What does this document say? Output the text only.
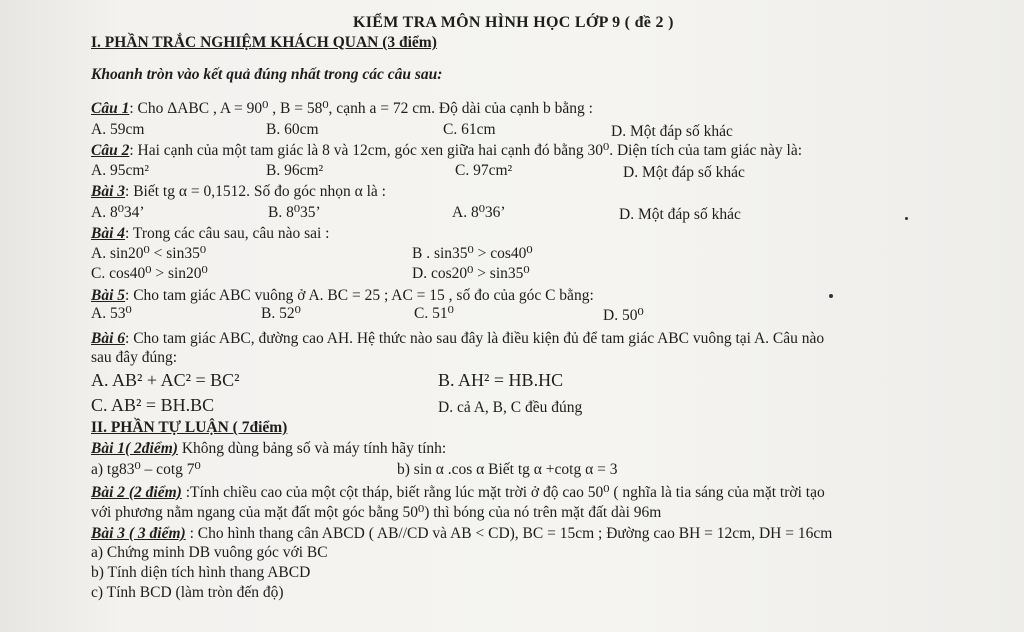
KIỂM TRA MÔN HÌNH HỌC LỚP 9 ( đề 2 )
I. PHẦN TRẮC NGHIỆM KHÁCH QUAN (3 điểm)
Khoanh tròn vào kết quả đúng nhất trong các câu sau:
Câu 1: Cho ΔABC , A = 90⁰ , B = 58⁰, cạnh a = 72 cm. Độ dài của cạnh b bằng :
A. 59cm	B. 60cm	C. 61cm	D. Một đáp số khác
Câu 2: Hai cạnh của một tam giác là 8 và 12cm, góc xen giữa hai cạnh đó bằng 30⁰. Diện tích của tam giác này là:
A. 95cm²	B. 96cm²	C. 97cm²	D. Một đáp số khác
Bài 3: Biết tg α = 0,1512. Số đo góc nhọn α là :
A. 8⁰34’	B. 8⁰35’	A. 8⁰36’	D. Một đáp số khác
Bài 4: Trong các câu sau, câu nào sai :
A. sin20⁰ < sin35⁰	B . sin35⁰ > cos40⁰
C. cos40⁰ > sin20⁰	D. cos20⁰ > sin35⁰
Bài 5: Cho tam giác ABC vuông ở A. BC = 25 ; AC = 15 , số đo của góc C bằng:
A. 53⁰	B. 52⁰	C. 51⁰	D. 50⁰
Bài 6: Cho tam giác ABC, đường cao AH. Hệ thức nào sau đây là điều kiện đủ để tam giác ABC vuông tại A. Câu nào
sau đây đúng:
A. AB² + AC² = BC²	B. AH² = HB.HC
C. AB² = BH.BC	D. cả A, B, C đều đúng
II. PHẦN TỰ LUẬN ( 7điểm)
Bài 1( 2điểm) Không dùng bảng số và máy tính hãy tính:
a) tg83⁰ – cotg 7⁰	b) sin α .cos α Biết tg α +cotg α = 3
Bài 2 (2 điểm) :Tính chiều cao của một cột tháp, biết rằng lúc mặt trời ở độ cao 50⁰ ( nghĩa là tia sáng của mặt trời tạo
với phương nằm ngang của mặt đất một góc bằng 50⁰) thì bóng của nó trên mặt đất dài 96m
Bài 3 ( 3 điểm) : Cho hình thang cân ABCD ( AB//CD và AB < CD), BC = 15cm ; Đường cao BH = 12cm, DH = 16cm
a) Chứng minh DB vuông góc với BC
b) Tính diện tích hình thang ABCD
c) Tính BCD (làm tròn đến độ)
